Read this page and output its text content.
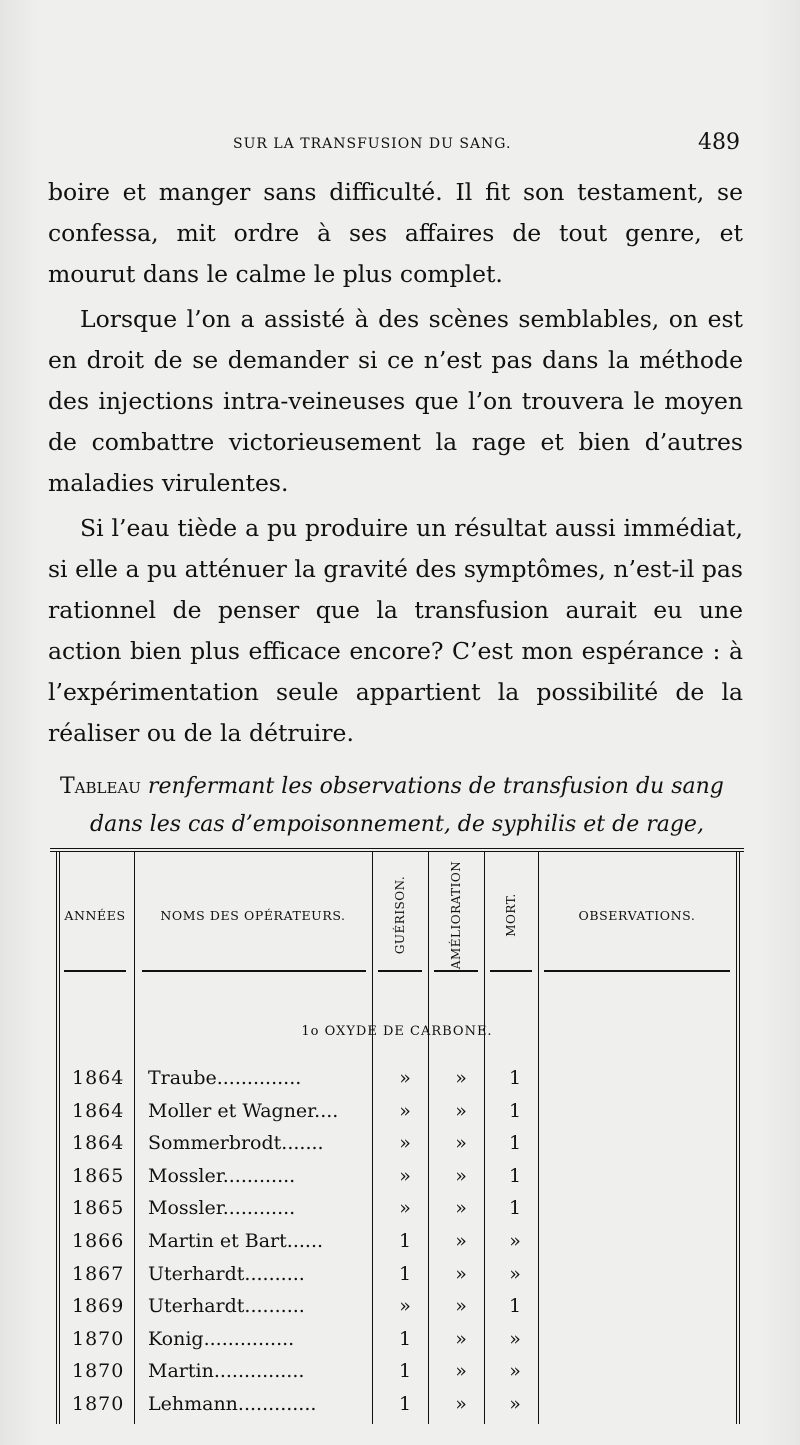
SUR LA TRANSFUSION DU SANG.	489

boire et manger sans difficulté. Il fit son testament, se confessa, mit ordre à ses affaires de tout genre, et mourut dans le calme le plus complet.

Lorsque l’on a assisté à des scènes semblables, on est en droit de se demander si ce n’est pas dans la méthode des injections intra-veineuses que l’on trouvera le moyen de combattre victorieusement la rage et bien d’autres maladies virulentes.

Si l’eau tiède a pu produire un résultat aussi immédiat, si elle a pu atténuer la gravité des symptômes, n’est-il pas rationnel de penser que la transfusion aurait eu une action bien plus efficace encore? C’est mon espérance : à l’expérimentation seule appartient la possibilité de la réaliser ou de la détruire.

Tableau renfermant les observations de transfusion du sang
dans les cas d’empoisonnement, de syphilis et de rage,
ANNÉES	NOMS DES OPÉRATEURS.	GUÉRISON.	AMÉLIORATION	MORT.	OBSERVATIONS.
1o OXYDE DE CARBONE.
1864 Traube..............	»	»	1
1864 Moller et Wagner....	»	»	1
1864 Sommerbrodt.......	»	»	1
1865 Mossler............	»	»	1
1865 Mossler............	»	»	1
1866 Martin et Bart......	1	»	»
1867 Uterhardt..........	1	»	»
1869 Uterhardt..........	»	»	1
1870 Konig...............	1	»	»
1870 Martin...............	1	»	»
1870 Lehmann.............	1	»	»
